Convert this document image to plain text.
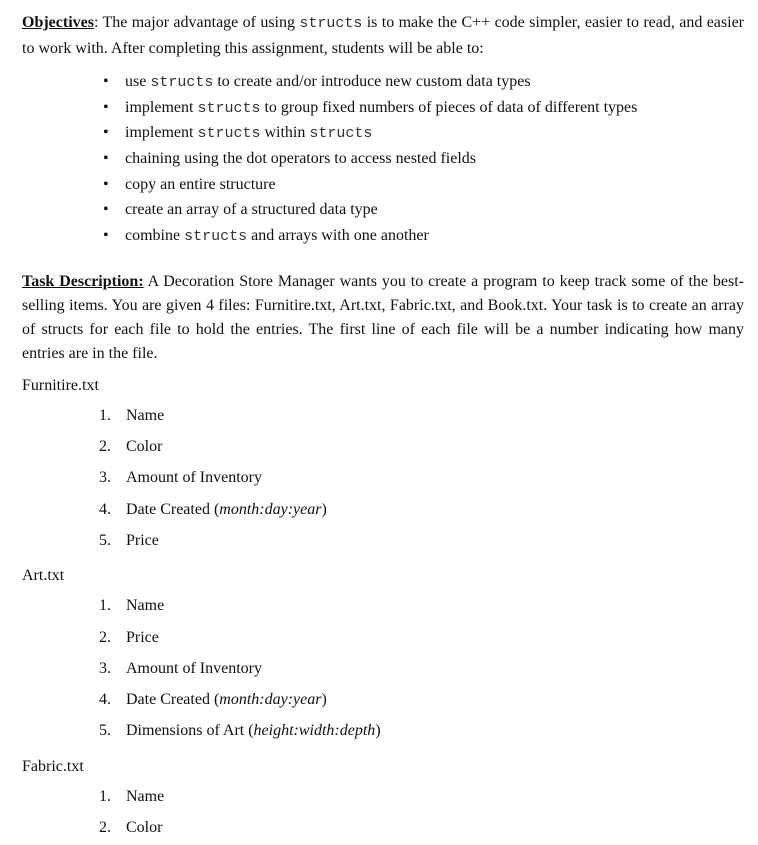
Objectives: The major advantage of using structs is to make the C++ code simpler, easier to read, and easier to work with. After completing this assignment, students will be able to:

• use structs to create and/or introduce new custom data types
• implement structs to group fixed numbers of pieces of data of different types
• implement structs within structs
• chaining using the dot operators to access nested fields
• copy an entire structure
• create an array of a structured data type
• combine structs and arrays with one another

Task Description: A Decoration Store Manager wants you to create a program to keep track some of the best-selling items. You are given 4 files: Furnitire.txt, Art.txt, Fabric.txt, and Book.txt. Your task is to create an array of structs for each file to hold the entries. The first line of each file will be a number indicating how many entries are in the file.

Furnitire.txt
1. Name
2. Color
3. Amount of Inventory
4. Date Created (month:day:year)
5. Price
Art.txt
1. Name
2. Price
3. Amount of Inventory
4. Date Created (month:day:year)
5. Dimensions of Art (height:width:depth)
Fabric.txt
1. Name
2. Color
